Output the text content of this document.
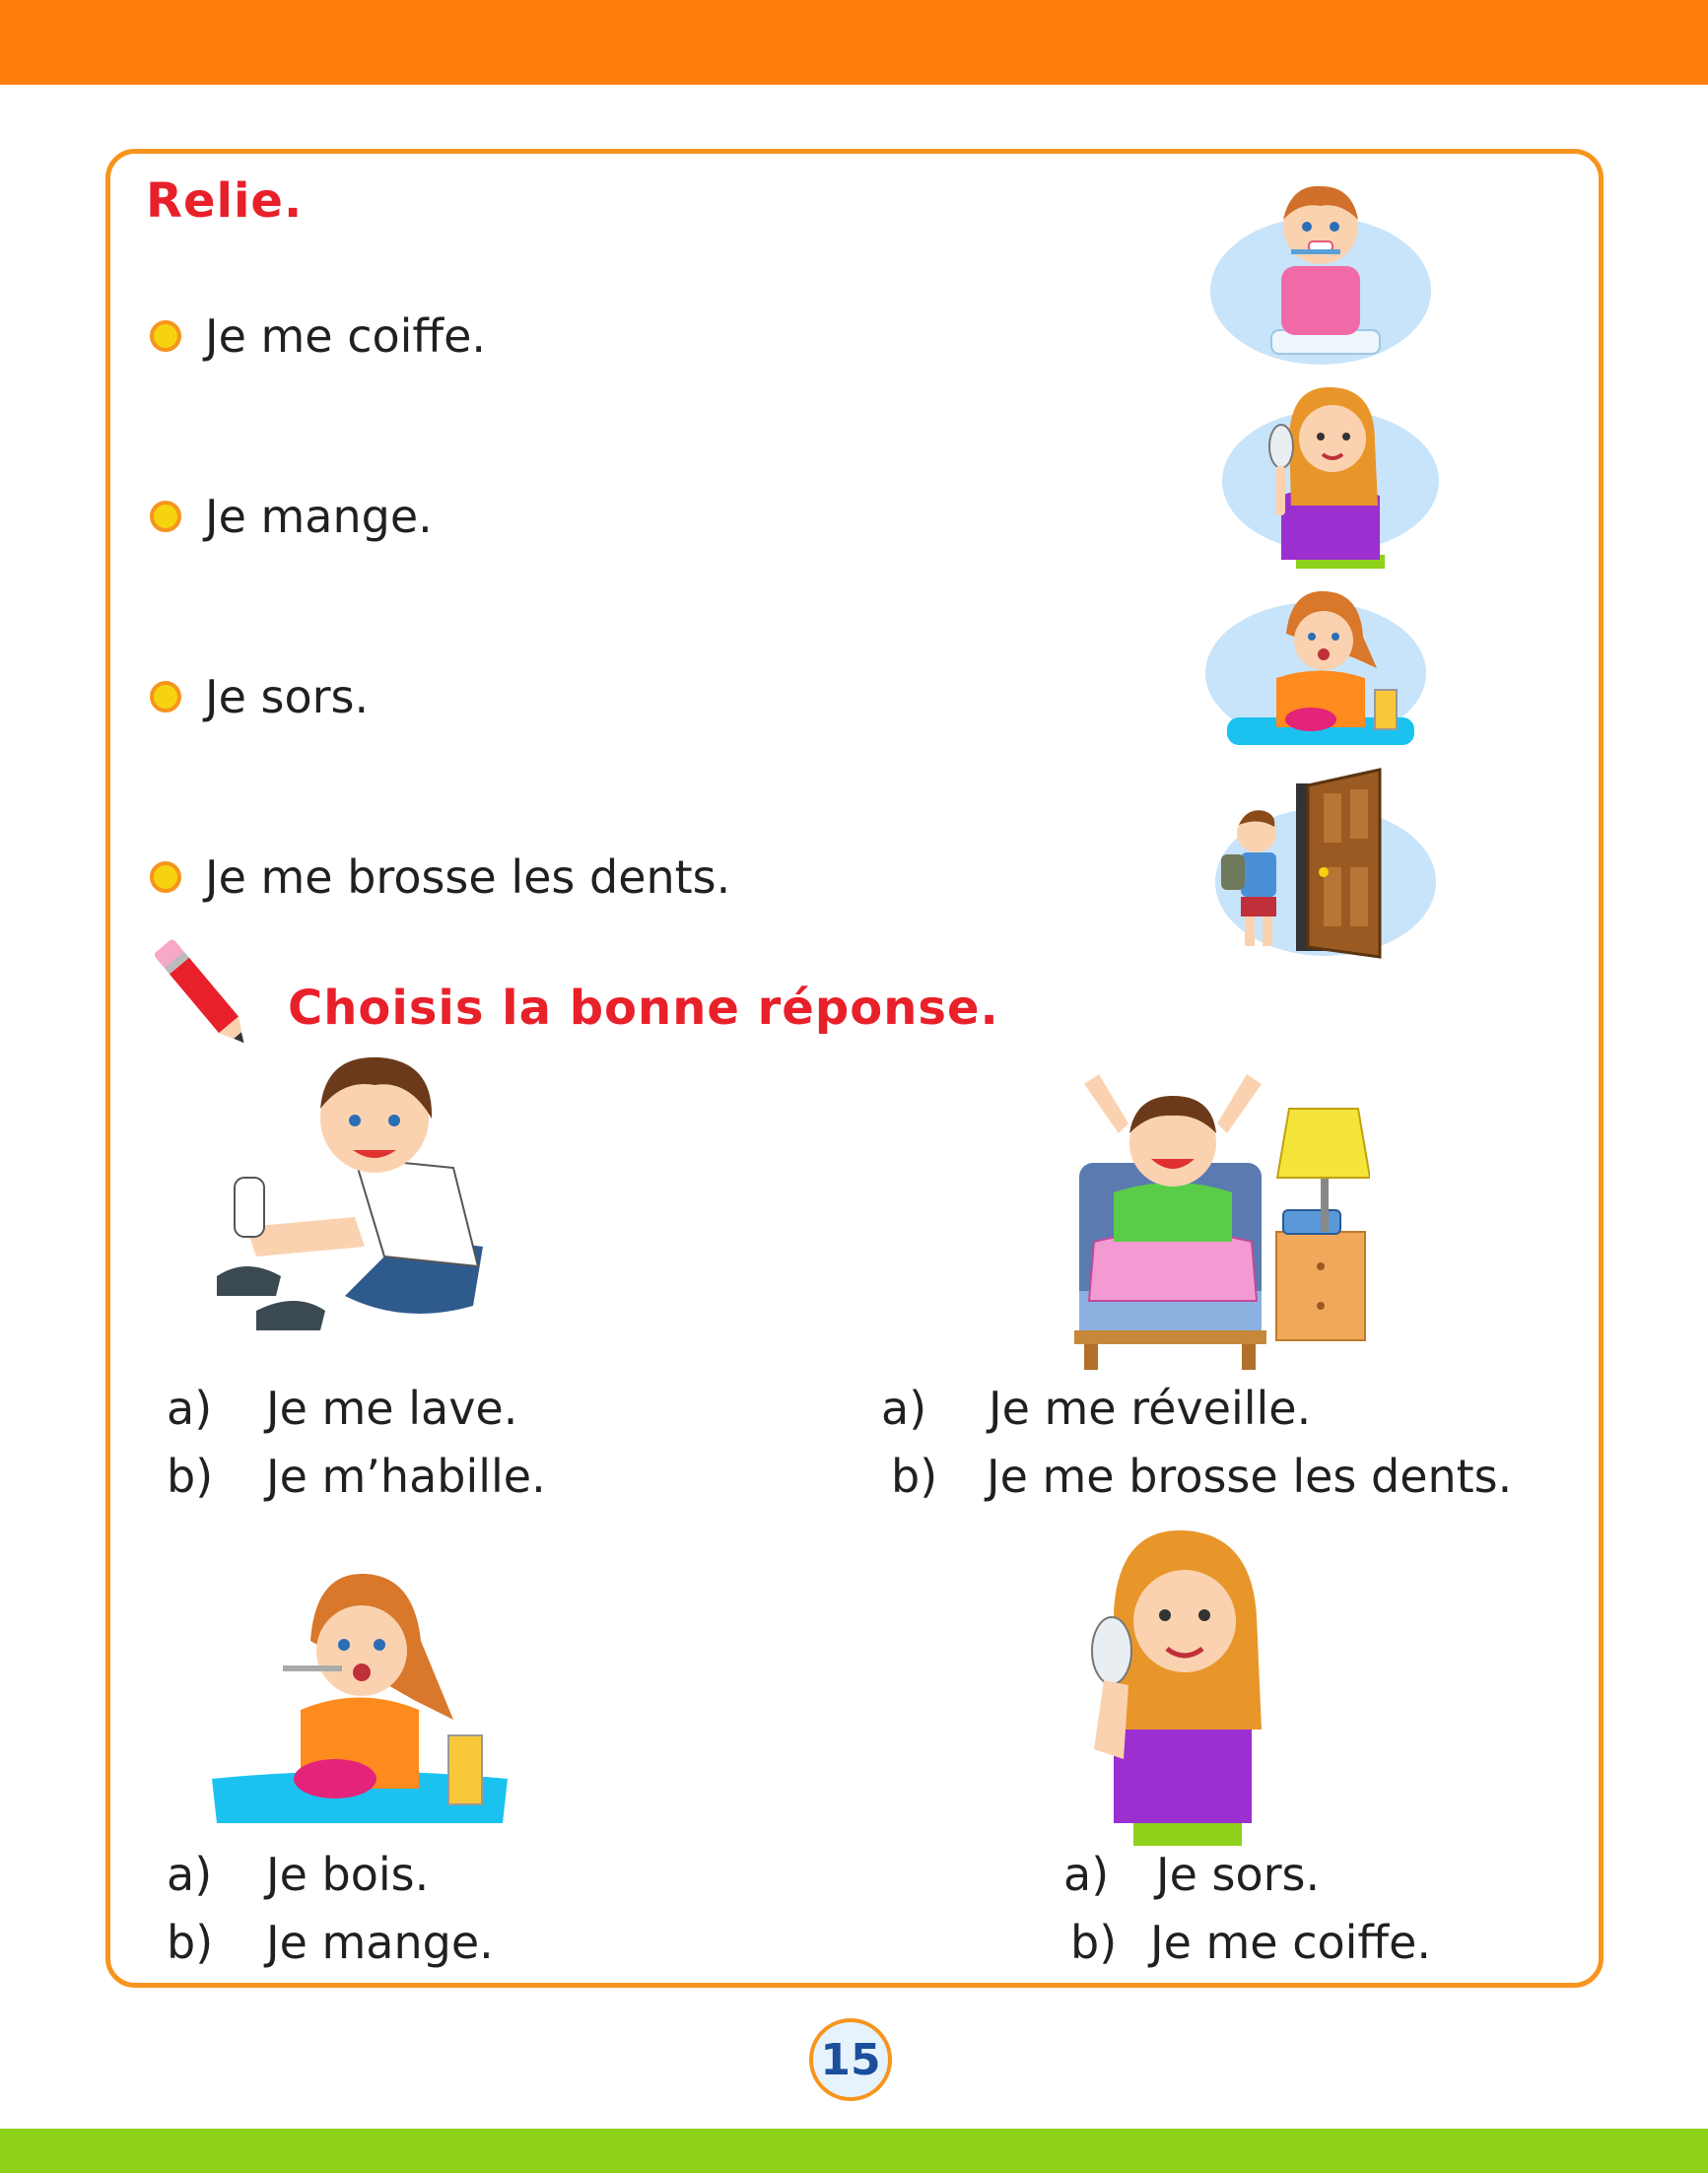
Relie.
Je me coiffe.
Je mange.
Je sors.
Je me brosse les dents.
Choisis la bonne réponse.
a) Je me lave.
b) Je m’habille.
a) Je me réveille.
b) Je me brosse les dents.
a) Je bois.
b) Je mange.
a) Je sors.
b) Je me coiffe.
15
